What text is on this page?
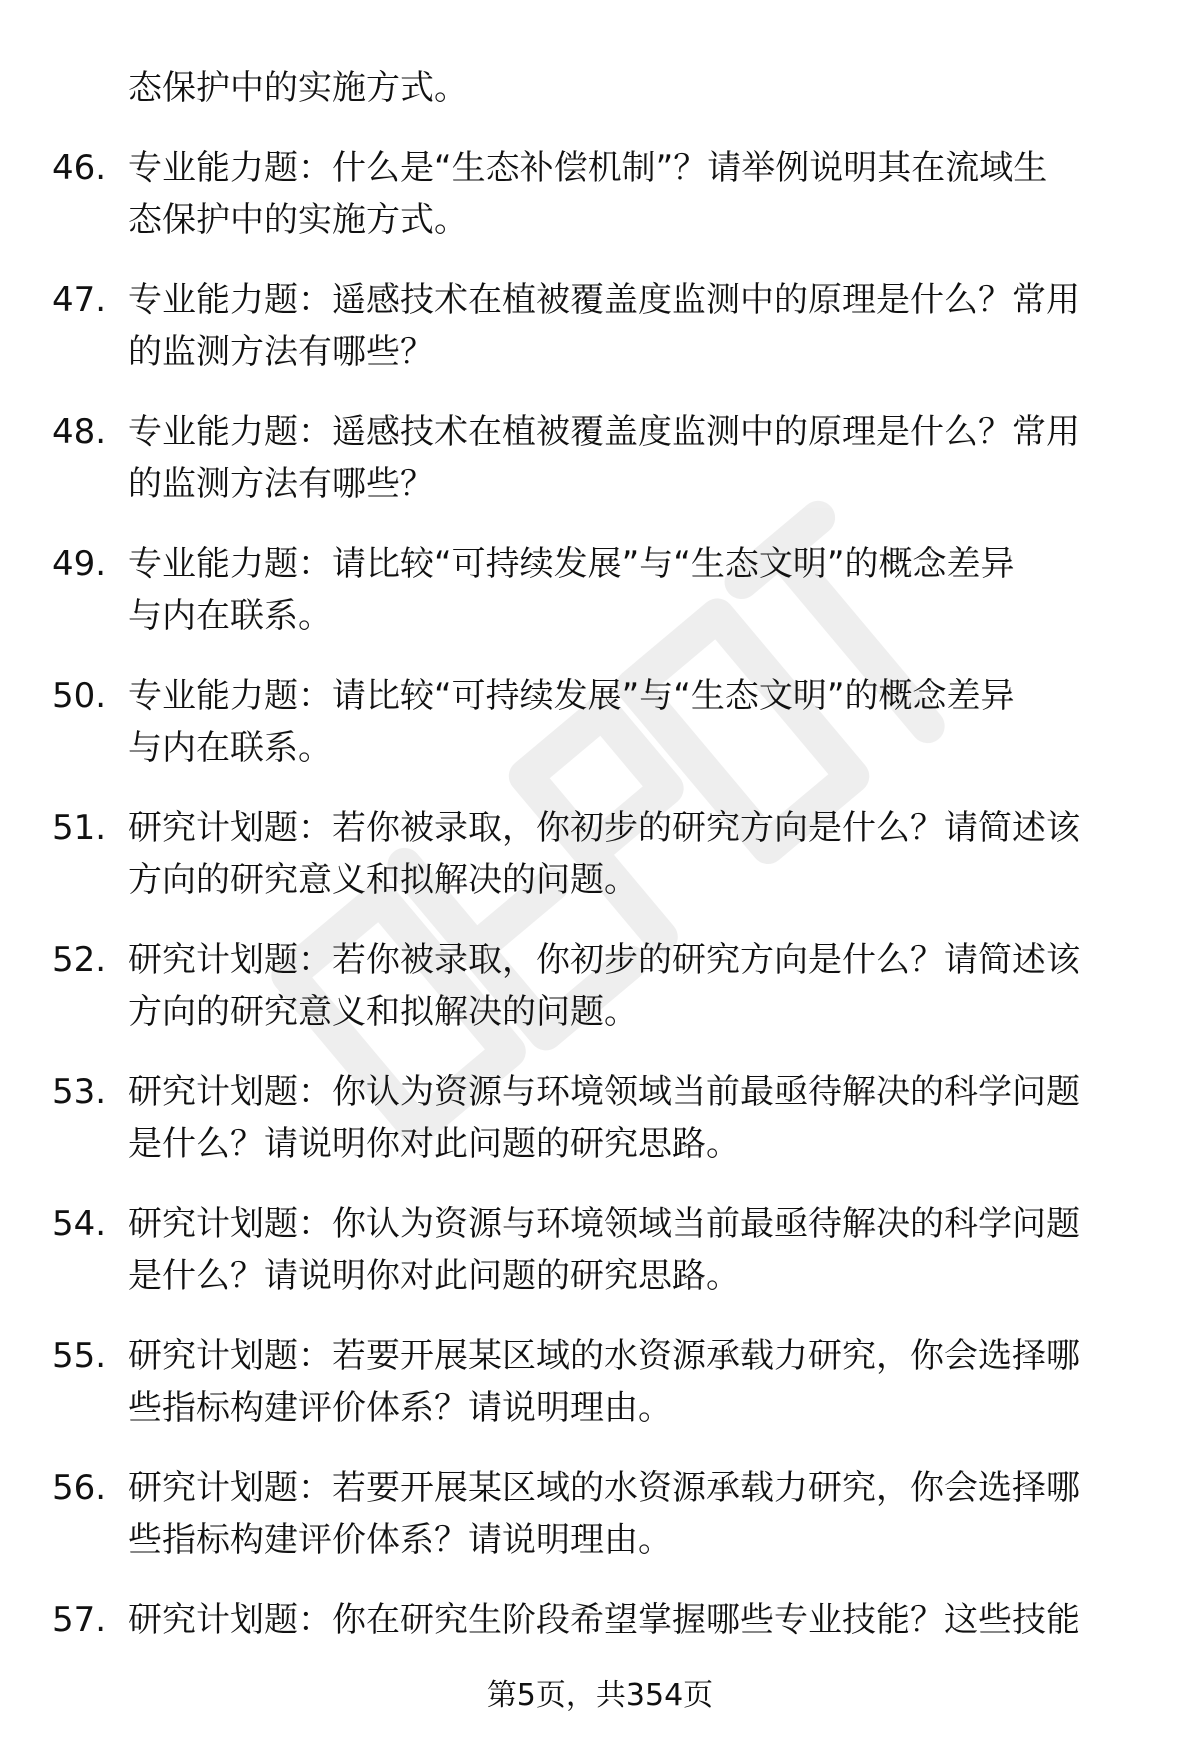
态保护中的实施方式。
46. 专业能力题：什么是“生态补偿机制”？请举例说明其在流域生
态保护中的实施方式。
47. 专业能力题：遥感技术在植被覆盖度监测中的原理是什么？常用
的监测方法有哪些？
48. 专业能力题：遥感技术在植被覆盖度监测中的原理是什么？常用
的监测方法有哪些？
49. 专业能力题：请比较“可持续发展”与“生态文明”的概念差异
与内在联系。
50. 专业能力题：请比较“可持续发展”与“生态文明”的概念差异
与内在联系。
51. 研究计划题：若你被录取，你初步的研究方向是什么？请简述该
方向的研究意义和拟解决的问题。
52. 研究计划题：若你被录取，你初步的研究方向是什么？请简述该
方向的研究意义和拟解决的问题。
53. 研究计划题：你认为资源与环境领域当前最亟待解决的科学问题
是什么？请说明你对此问题的研究思路。
54. 研究计划题：你认为资源与环境领域当前最亟待解决的科学问题
是什么？请说明你对此问题的研究思路。
55. 研究计划题：若要开展某区域的水资源承载力研究，你会选择哪
些指标构建评价体系？请说明理由。
56. 研究计划题：若要开展某区域的水资源承载力研究，你会选择哪
些指标构建评价体系？请说明理由。
57. 研究计划题：你在研究生阶段希望掌握哪些专业技能？这些技能
第5页，共354页
